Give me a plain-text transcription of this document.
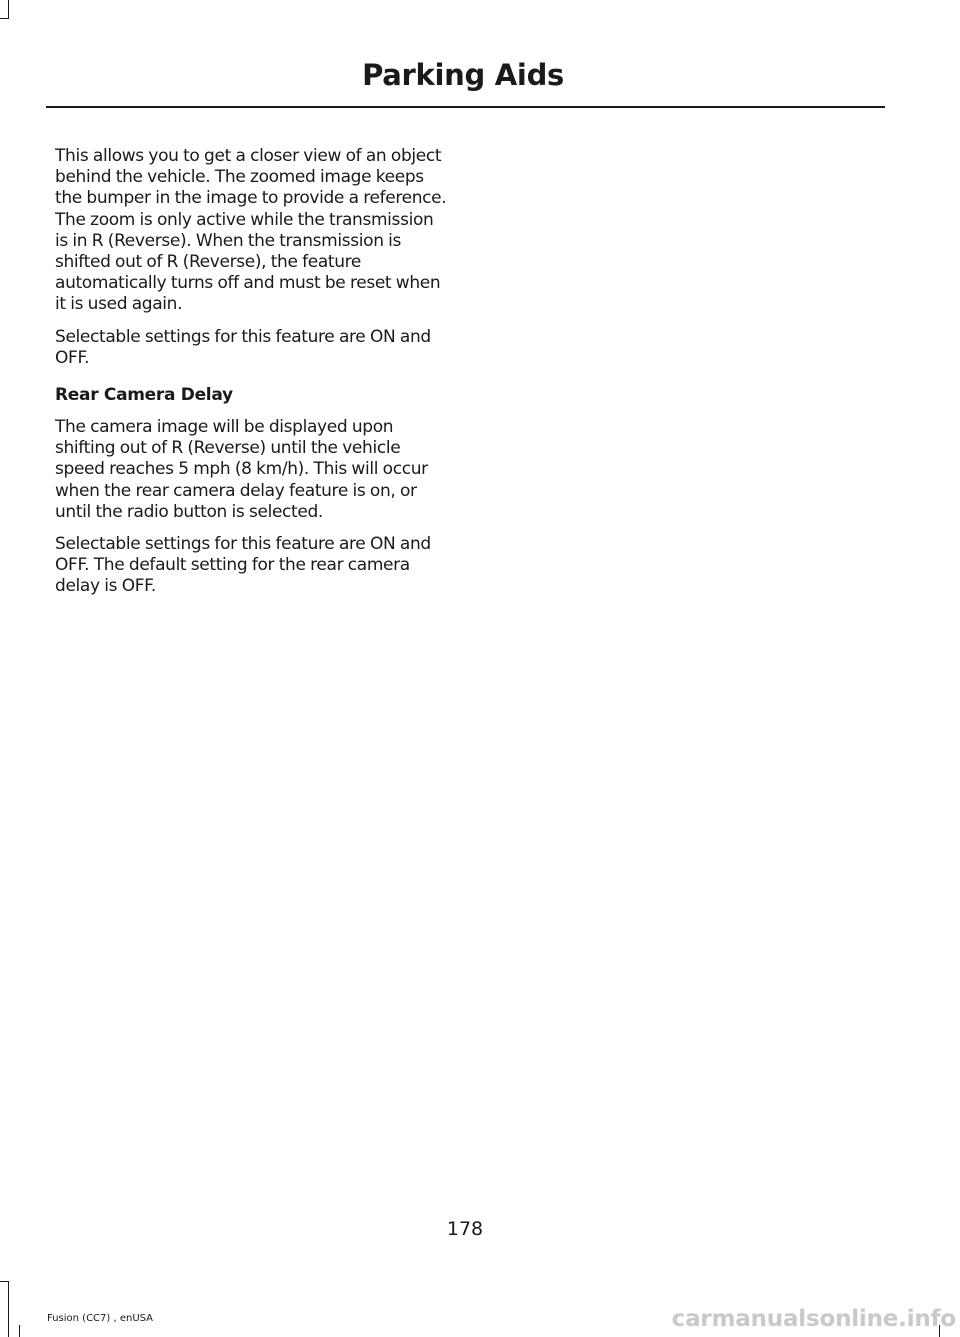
Parking Aids

This allows you to get a closer view of an object behind the vehicle. The zoomed image keeps the bumper in the image to provide a reference. The zoom is only active while the transmission is in R (Reverse). When the transmission is shifted out of R (Reverse), the feature automatically turns off and must be reset when it is used again.

Selectable settings for this feature are ON and OFF.

Rear Camera Delay

The camera image will be displayed upon shifting out of R (Reverse) until the vehicle speed reaches 5 mph (8 km/h). This will occur when the rear camera delay feature is on, or until the radio button is selected.

Selectable settings for this feature are ON and OFF. The default setting for the rear camera delay is OFF.

178
Fusion (CC7) , enUSA	carmanualsonline.info
